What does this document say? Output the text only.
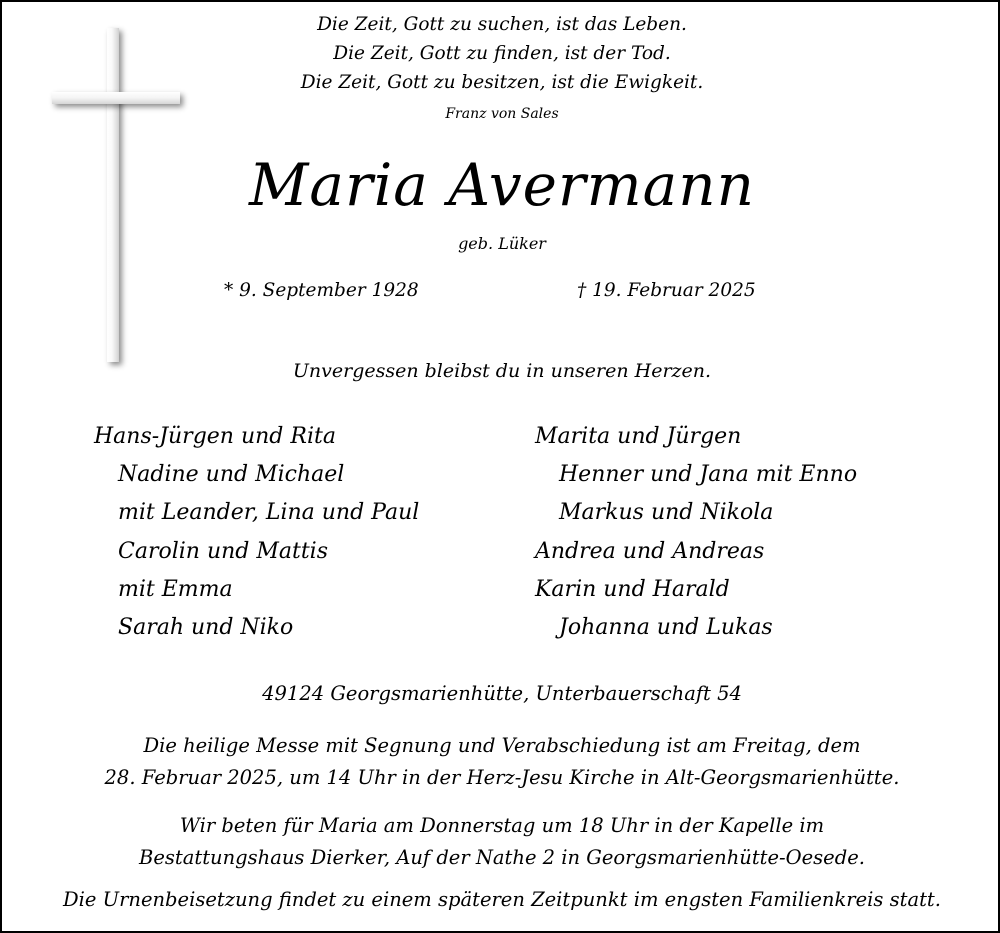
Die Zeit, Gott zu suchen, ist das Leben.
Die Zeit, Gott zu finden, ist der Tod.
Die Zeit, Gott zu besitzen, ist die Ewigkeit.
Franz von Sales
Maria Avermann
geb. Lüker
* 9. September 1928	† 19. Februar 2025
Unvergessen bleibst du in unseren Herzen.
Hans-Jürgen und Rita
Nadine und Michael
mit Leander, Lina und Paul
Carolin und Mattis
mit Emma
Sarah und Niko
Marita und Jürgen
Henner und Jana mit Enno
Markus und Nikola
Andrea und Andreas
Karin und Harald
Johanna und Lukas
49124 Georgsmarienhütte, Unterbauerschaft 54
Die heilige Messe mit Segnung und Verabschiedung ist am Freitag, dem
28. Februar 2025, um 14 Uhr in der Herz-Jesu Kirche in Alt-Georgsmarienhütte.
Wir beten für Maria am Donnerstag um 18 Uhr in der Kapelle im
Bestattungshaus Dierker, Auf der Nathe 2 in Georgsmarienhütte-Oesede.
Die Urnenbeisetzung findet zu einem späteren Zeitpunkt im engsten Familienkreis statt.
